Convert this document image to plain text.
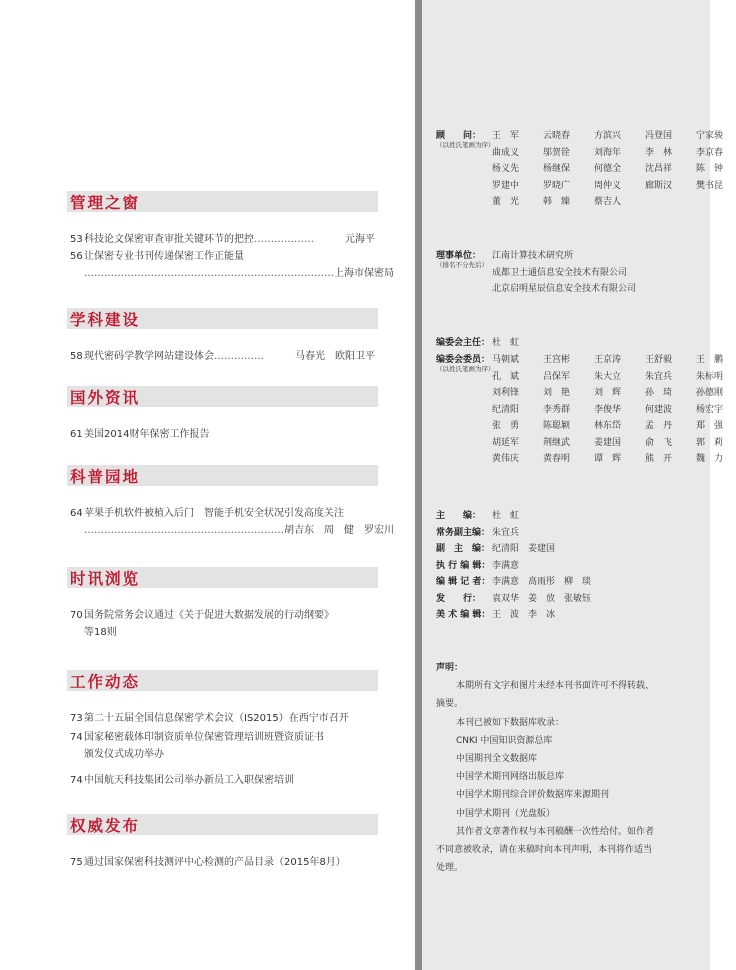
管理之窗
53 科技论文保密审查审批关键环节的把控 ………………	元海平
56 让保密专业书刊传递保密工作正能量
………………………………………………………………… 上海市保密局
学科建设
58 现代密码学教学网站建设体会 ……………	马春光　欧阳卫平
国外资讯
61 美国2014财年保密工作报告
科普园地
64 苹果手机软件被植入后门　智能手机安全状况引发高度关注
…………………………………………………… 胡吉东　周　健　罗宏川
时讯浏览
70 国务院常务会议通过《关于促进大数据发展的行动纲要》
等18则
工作动态
73 第二十五届全国信息保密学术会议（IS2015）在西宁市召开
74 国家秘密载体印制资质单位保密管理培训班暨资质证书
颁发仪式成功举办
74 中国航天科技集团公司举办新员工入职保密培训
权威发布
75 通过国家保密科技测评中心检测的产品目录（2015年8月）
顾　　问：
（以姓氏笔画为序）
王　军	云晓春	方滨兴	冯登国	宁家骏
曲成义	邬贺铨	刘海年	李　林	李京春
杨义先	杨继保	何德全	沈昌祥	陈　钟
罗建中	罗晓广	周仲义	廊斯汉	樊书昆
董　光	韩　臻	蔡吉人
理事单位：
（排名不分先后）
江南计算技术研究所
成都卫士通信息安全技术有限公司
北京启明星辰信息安全技术有限公司
编委会主任： 杜　虹
编委会委员：
（以姓氏笔画为序）
马朝斌	王宫彬	王京涛	王舒毅	王　鹏
孔　斌	吕保军	朱大立	朱宜兵	朱标明
刘利锋	刘　艳	刘　辉	孙　琦	孙德刚
纪清阳	李秀群	李俊华	何建波	杨宏宇
张　勇	陈聪颖	林东岱	孟　丹	郑　强
胡延军	荆继武	姜建国	俞　飞	郭　莉
黄伟庆	黄春明	谭　辉	熊　开	魏　力
主　　编：	杜　虹
常务副主编： 朱宜兵
副　主　编： 纪清阳　姜建国
执 行 编 辑： 李满意
编 辑 记 者： 李满意　高雨彤　柳　琰
发　　行：	袁双华　姜　放　张敏钰
美 术 编 辑： 王　波　李　冰

声明：

本期所有文字和图片未经本刊书面许可不得转载、

摘要。

本刊已被如下数据库收录：

CNKI 中国知识资源总库

中国期刊全文数据库

中国学术期刊网络出版总库

中国学术期刊综合评价数据库来源期刊

中国学术期刊（光盘版）

其作者文章著作权与本刊稿酬一次性给付。如作者

不同意被收录，请在来稿时向本刊声明，本刊将作适当

处理。
